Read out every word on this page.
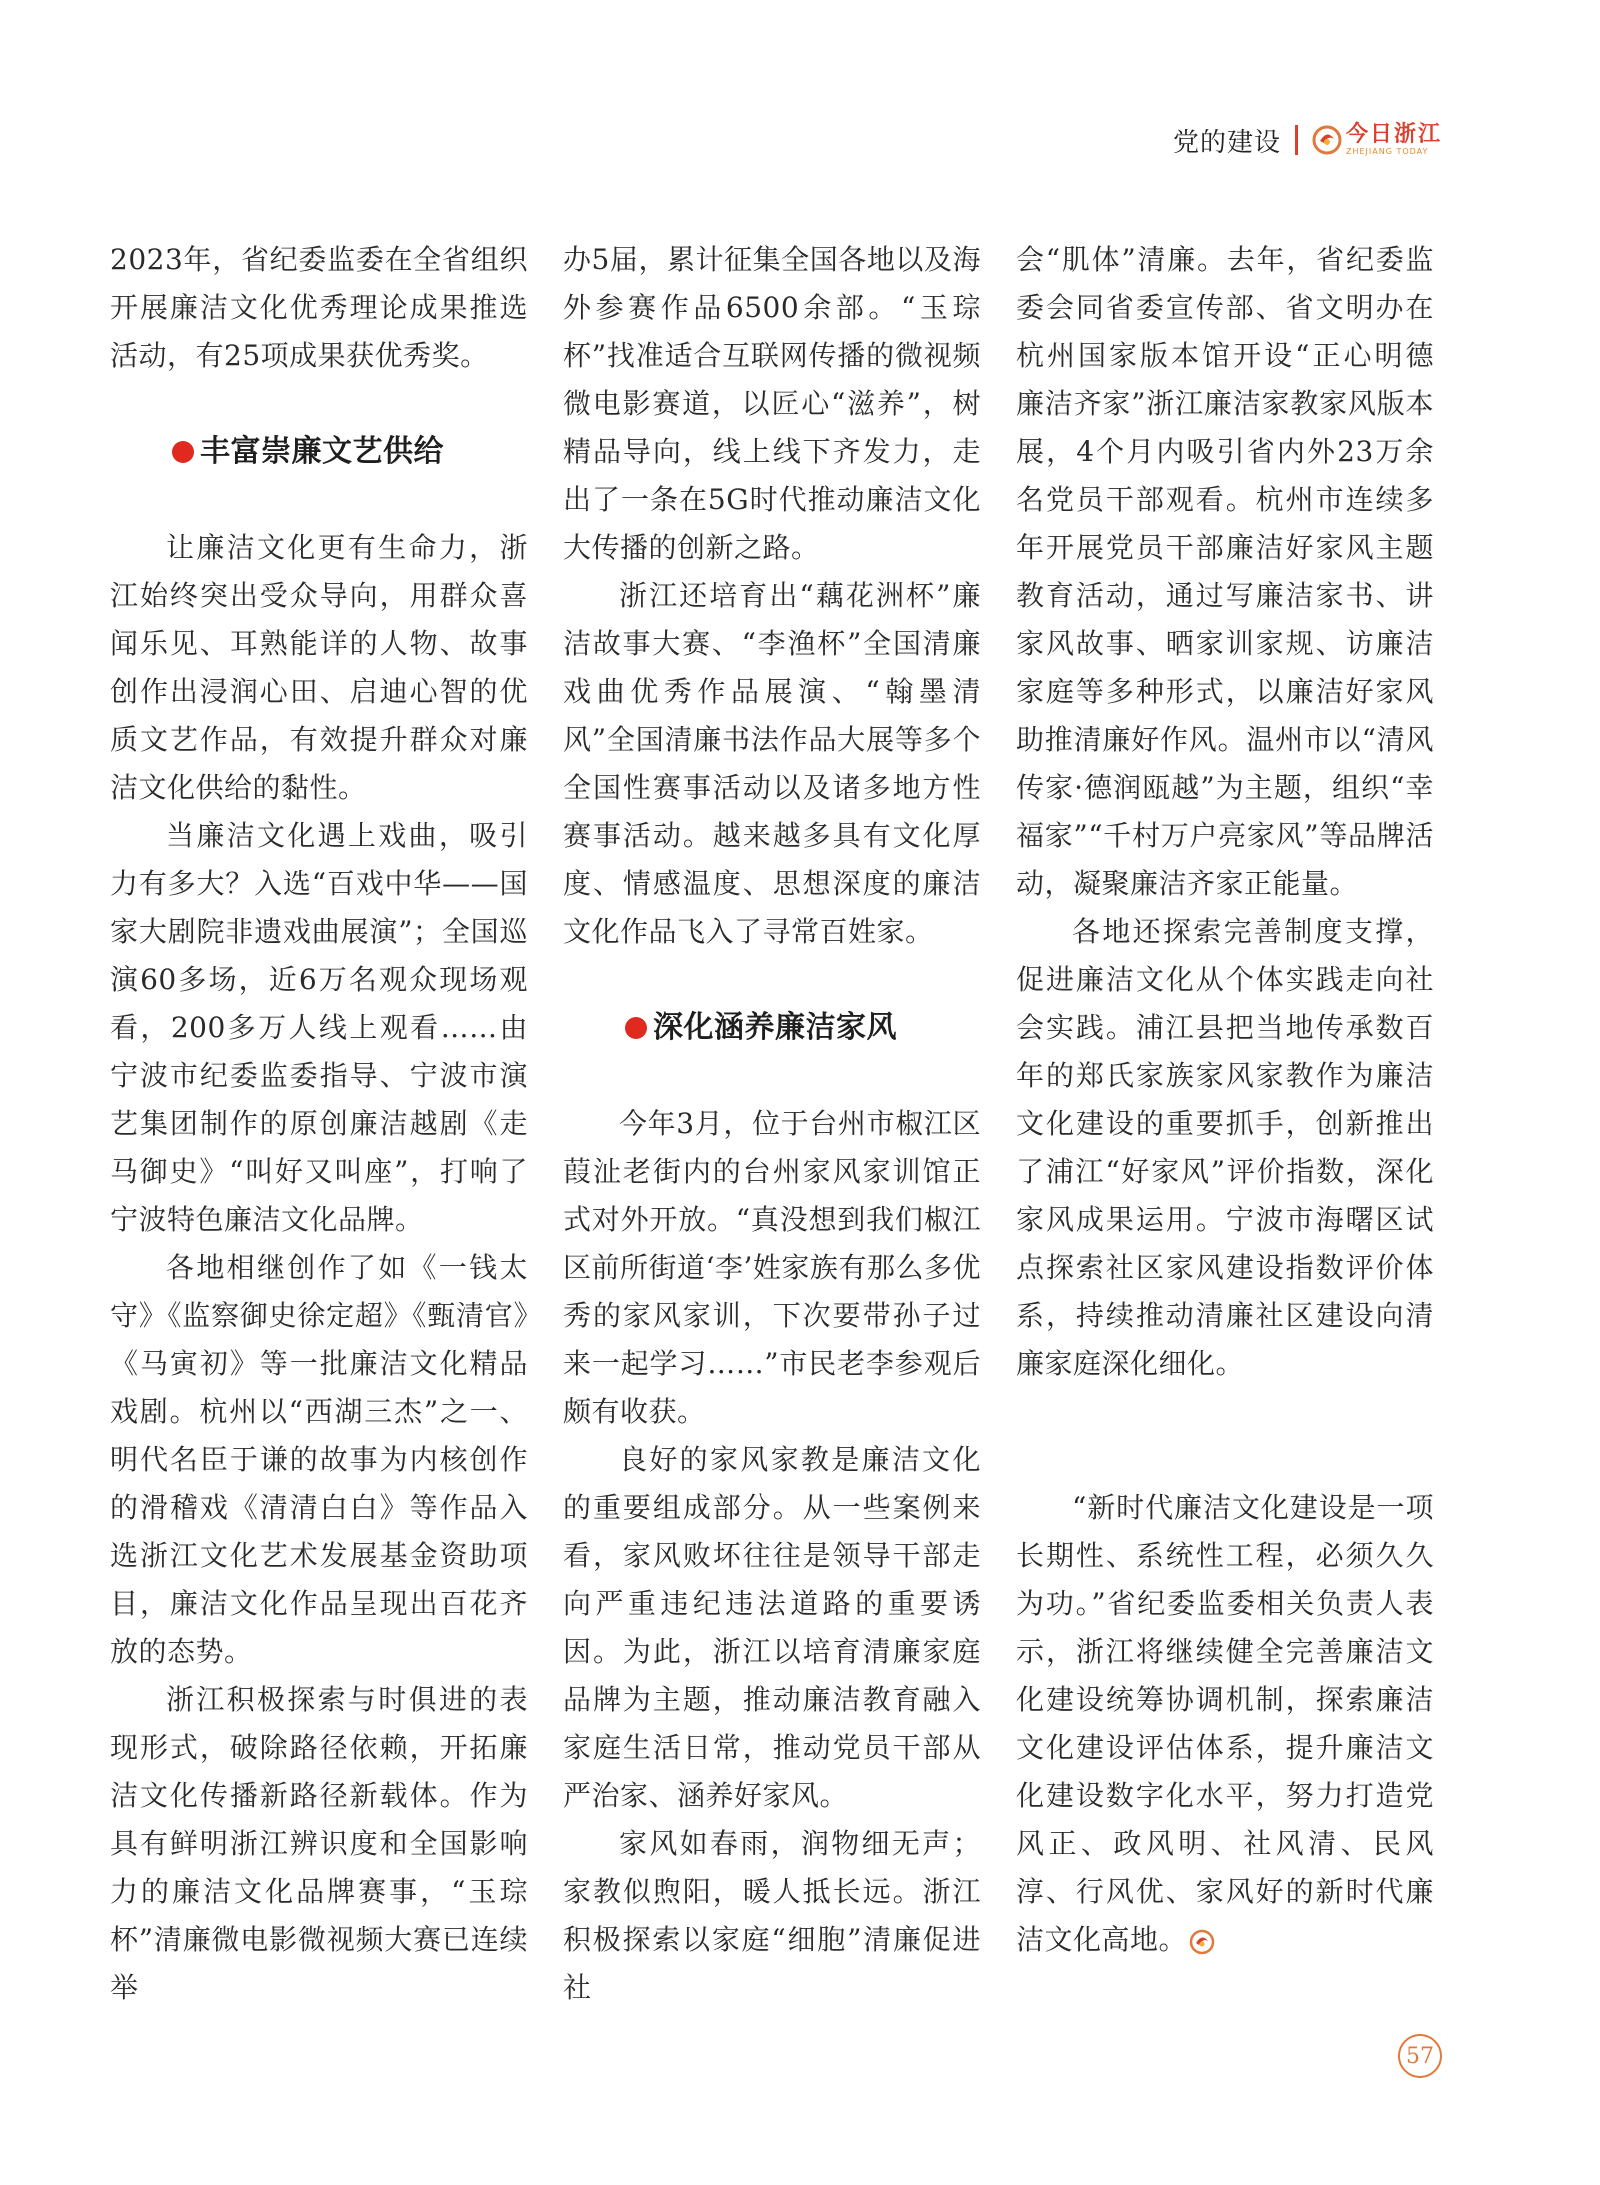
党的建设	今日浙江
ZHEJIANG TODAY

2023年，省纪委监委在全省组织开展廉洁文化优秀理论成果推选活动，有25项成果获优秀奖。

丰富崇廉文艺供给

让廉洁文化更有生命力，浙江始终突出受众导向，用群众喜闻乐见、耳熟能详的人物、故事创作出浸润心田、启迪心智的优质文艺作品，有效提升群众对廉洁文化供给的黏性。

当廉洁文化遇上戏曲，吸引力有多大？入选“百戏中华——国家大剧院非遗戏曲展演”；全国巡演60多场，近6万名观众现场观看，200多万人线上观看……由宁波市纪委监委指导、宁波市演艺集团制作的原创廉洁越剧《走马御史》“叫好又叫座”，打响了宁波特色廉洁文化品牌。

各地相继创作了如《一钱太守》《监察御史徐定超》《甄清官》《马寅初》等一批廉洁文化精品戏剧。杭州以“西湖三杰”之一、明代名臣于谦的故事为内核创作的滑稽戏《清清白白》等作品入选浙江文化艺术发展基金资助项目，廉洁文化作品呈现出百花齐放的态势。

浙江积极探索与时俱进的表现形式，破除路径依赖，开拓廉洁文化传播新路径新载体。作为具有鲜明浙江辨识度和全国影响力的廉洁文化品牌赛事，“玉琮杯”清廉微电影微视频大赛已连续举

办5届，累计征集全国各地以及海外参赛作品6500余部。“玉琮杯”找准适合互联网传播的微视频微电影赛道，以匠心“滋养”，树精品导向，线上线下齐发力，走出了一条在5G时代推动廉洁文化大传播的创新之路。

浙江还培育出“藕花洲杯”廉洁故事大赛、“李渔杯”全国清廉戏曲优秀作品展演、“翰墨清风”全国清廉书法作品大展等多个全国性赛事活动以及诸多地方性赛事活动。越来越多具有文化厚度、情感温度、思想深度的廉洁文化作品飞入了寻常百姓家。

深化涵养廉洁家风

今年3月，位于台州市椒江区葭沚老街内的台州家风家训馆正式对外开放。“真没想到我们椒江区前所街道‘李’姓家族有那么多优秀的家风家训，下次要带孙子过来一起学习……”市民老李参观后颇有收获。

良好的家风家教是廉洁文化的重要组成部分。从一些案例来看，家风败坏往往是领导干部走向严重违纪违法道路的重要诱因。为此，浙江以培育清廉家庭品牌为主题，推动廉洁教育融入家庭生活日常，推动党员干部从严治家、涵养好家风。

家风如春雨，润物细无声；家教似煦阳，暖人抵长远。浙江积极探索以家庭“细胞”清廉促进社

会“肌体”清廉。去年，省纪委监委会同省委宣传部、省文明办在杭州国家版本馆开设“正心明德 廉洁齐家”浙江廉洁家教家风版本展，4个月内吸引省内外23万余名党员干部观看。杭州市连续多年开展党员干部廉洁好家风主题教育活动，通过写廉洁家书、讲家风故事、晒家训家规、访廉洁家庭等多种形式，以廉洁好家风助推清廉好作风。温州市以“清风传家·德润瓯越”为主题，组织“幸福家”“千村万户亮家风”等品牌活动，凝聚廉洁齐家正能量。

各地还探索完善制度支撑，促进廉洁文化从个体实践走向社会实践。浦江县把当地传承数百年的郑氏家族家风家教作为廉洁文化建设的重要抓手，创新推出了浦江“好家风”评价指数，深化家风成果运用。宁波市海曙区试点探索社区家风建设指数评价体系，持续推动清廉社区建设向清廉家庭深化细化。

“新时代廉洁文化建设是一项长期性、系统性工程，必须久久为功。”省纪委监委相关负责人表示，浙江将继续健全完善廉洁文化建设统筹协调机制，探索廉洁文化建设评估体系，提升廉洁文化建设数字化水平，努力打造党风正、政风明、社风清、民风淳、行风优、家风好的新时代廉洁文化高地。

57
